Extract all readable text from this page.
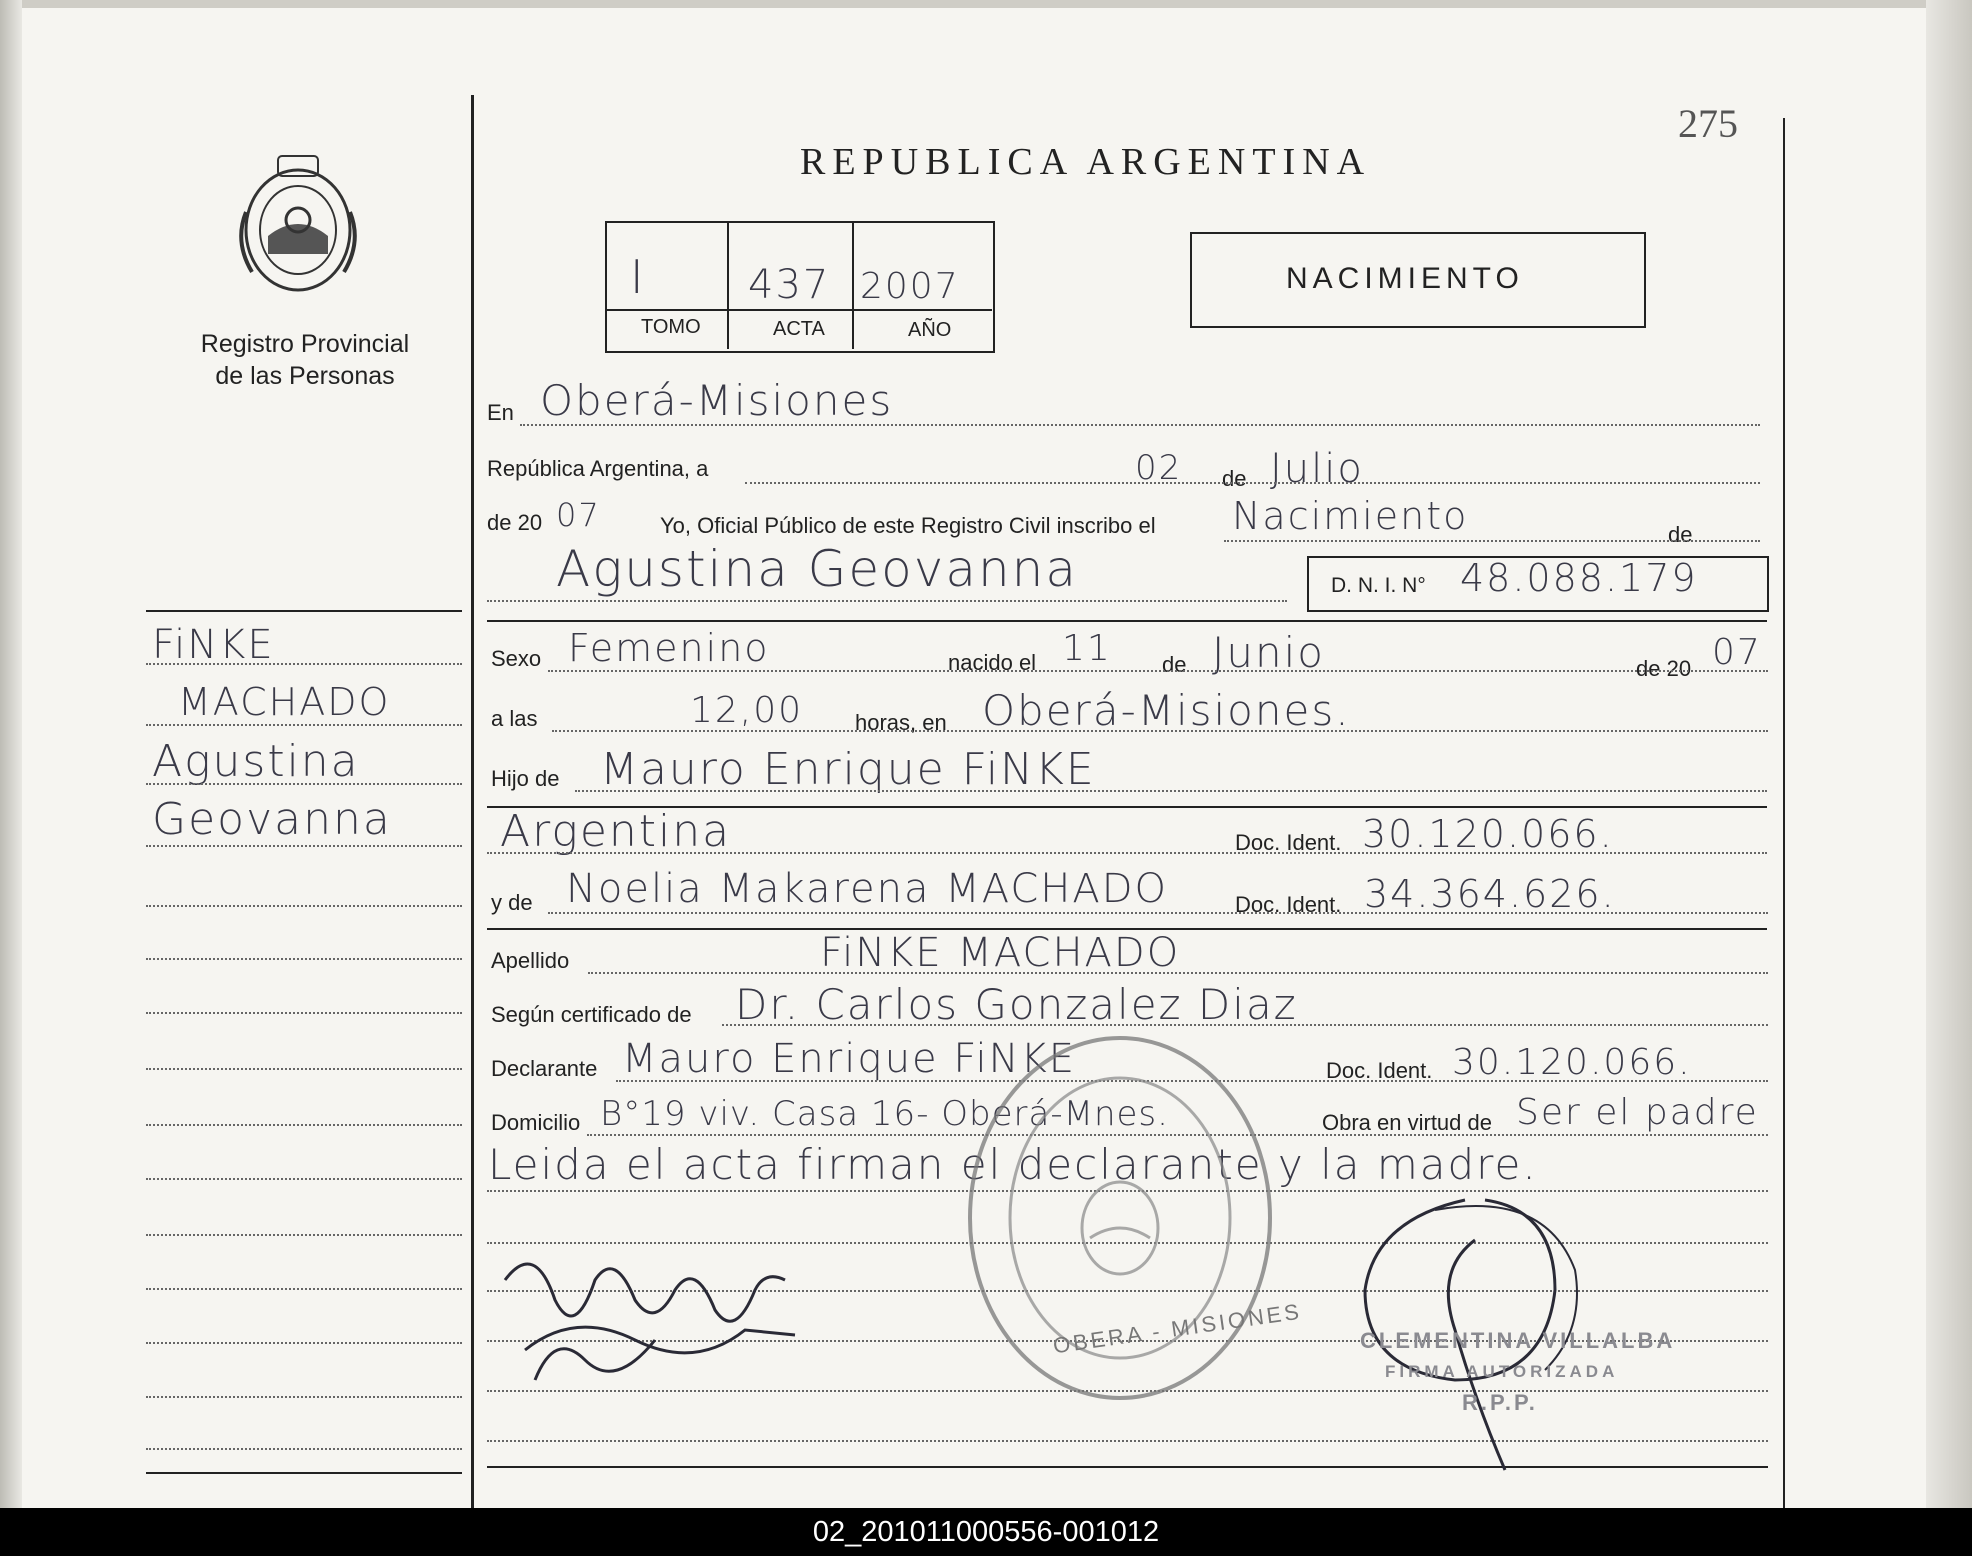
275
Registro Provincial
de las Personas
REPUBLICA ARGENTINA
I	437 2007
TOMO	ACTA	AÑO
NACIMIENTO
FiNKE
MACHADO
Agustina
Geovanna
En Oberá-Misiones
República Argentina, a	02 de Julio
de 20 07	Yo, Oficial Público de este Registro Civil inscribo el Nacimiento	de
Agustina Geovanna	D. N. I. N° 48.088.179
Sexo Femenino	nacido el 11 de Junio	de 20 07
a las	12,00 horas, en Oberá-Misiones.
Hijo de Mauro Enrique FiNKE
Argentina	Doc. Ident. 30.120.066.
y de Noelia Makarena MACHADO	Doc. Ident. 34.364.626.
Apellido	FiNKE MACHADO
Según certificado de Dr. Carlos Gonzalez Diaz
Declarante Mauro Enrique FiNKE	Doc. Ident. 30.120.066.
Domicilio B°19 viv. Casa 16- Oberá-Mnes.	Obra en virtud de Ser el padre
Leida el acta firman el declarante y la madre.
OBERA - MISIONES	CLEMENTINA VILLALBA
FIRMA AUTORIZADA
R.P.P.
02_201011000556-001012
